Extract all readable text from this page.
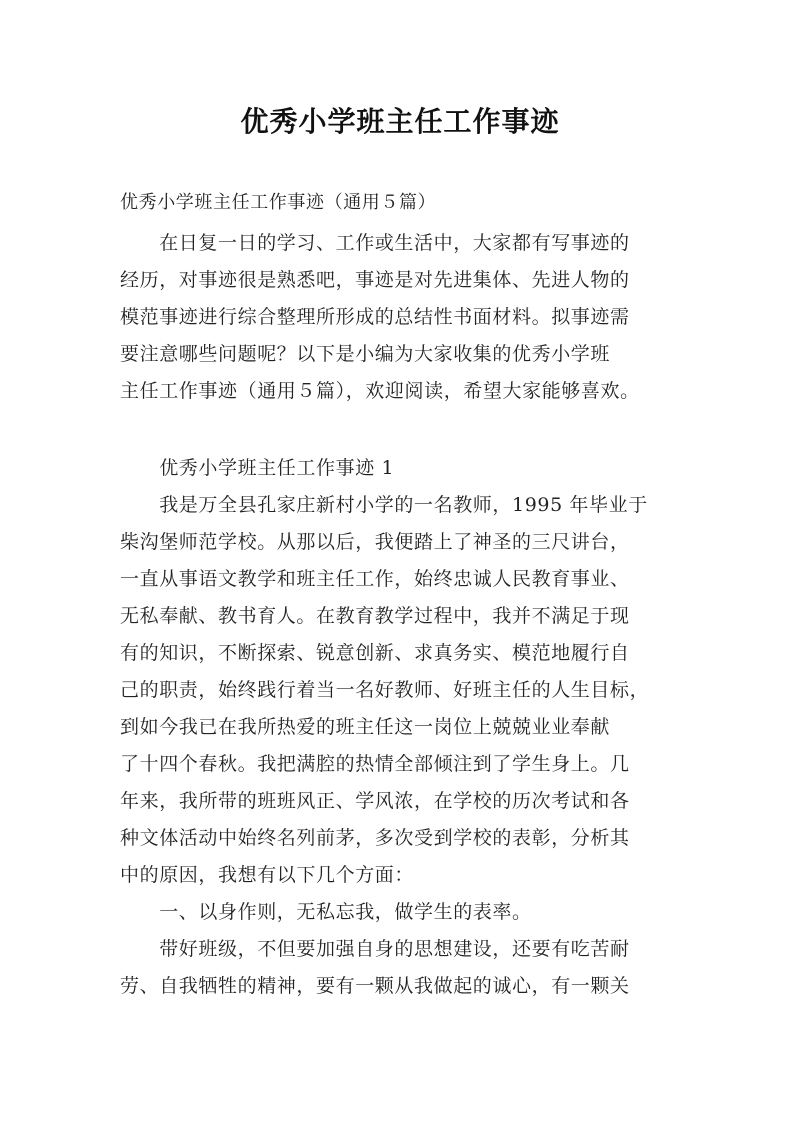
优秀小学班主任工作事迹
优秀小学班主任工作事迹（通用５篇）
　　在日复一日的学习、工作或生活中，大家都有写事迹的
经历，对事迹很是熟悉吧，事迹是对先进集体、先进人物的
模范事迹进行综合整理所形成的总结性书面材料。拟事迹需
要注意哪些问题呢？以下是小编为大家收集的优秀小学班
主任工作事迹（通用５篇），欢迎阅读，希望大家能够喜欢。
　　优秀小学班主任工作事迹 1
　　我是万全县孔家庄新村小学的一名教师，1995 年毕业于
柴沟堡师范学校。从那以后，我便踏上了神圣的三尺讲台，
一直从事语文教学和班主任工作，始终忠诚人民教育事业、
无私奉献、教书育人。在教育教学过程中，我并不满足于现
有的知识，不断探索、锐意创新、求真务实、模范地履行自
己的职责，始终践行着当一名好教师、好班主任的人生目标，
到如今我已在我所热爱的班主任这一岗位上兢兢业业奉献
了十四个春秋。我把满腔的热情全部倾注到了学生身上。几
年来，我所带的班班风正、学风浓，在学校的历次考试和各
种文体活动中始终名列前茅，多次受到学校的表彰，分析其
中的原因，我想有以下几个方面：
　　一、以身作则，无私忘我，做学生的表率。
　　带好班级，不但要加强自身的思想建设，还要有吃苦耐
劳、自我牺牲的精神，要有一颗从我做起的诚心，有一颗关
